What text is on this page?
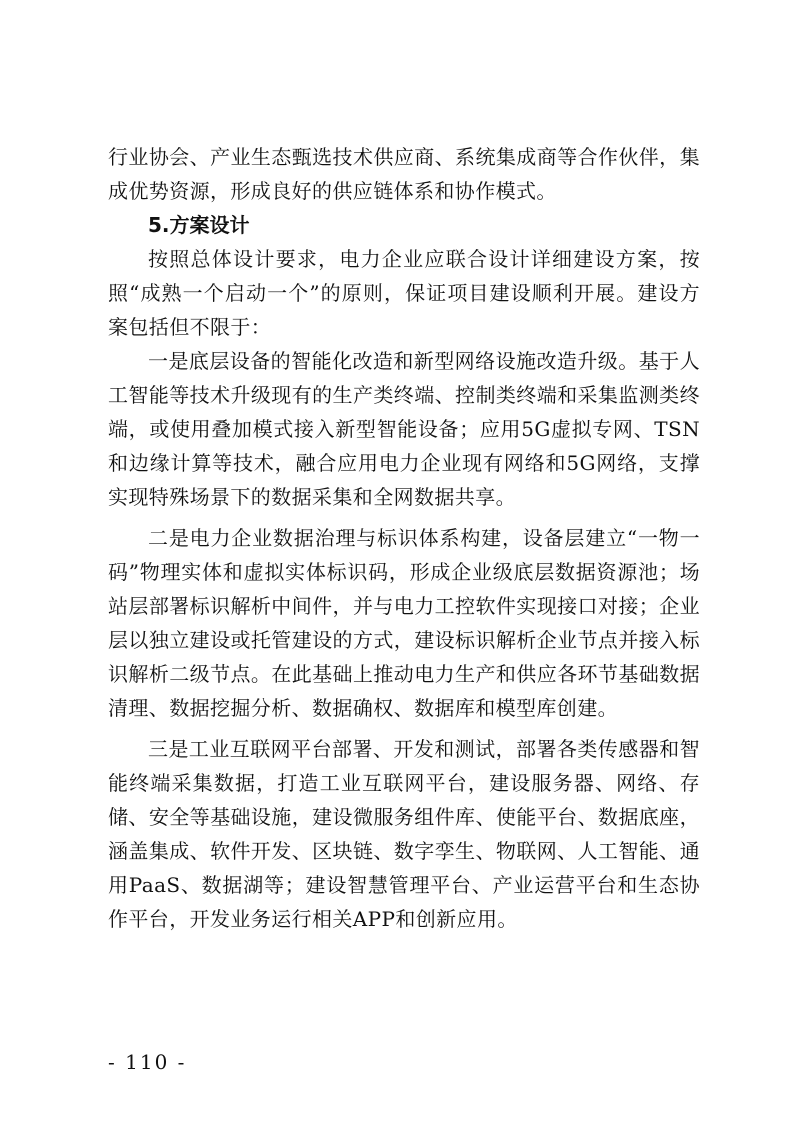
行业协会、产业生态甄选技术供应商、系统集成商等合作伙伴，集成优势资源，形成良好的供应链体系和协作模式。

5.方案设计

按照总体设计要求，电力企业应联合设计详细建设方案，按照“成熟一个启动一个”的原则，保证项目建设顺利开展。建设方案包括但不限于：

一是底层设备的智能化改造和新型网络设施改造升级。基于人工智能等技术升级现有的生产类终端、控制类终端和采集监测类终端，或使用叠加模式接入新型智能设备；应用5G虚拟专网、TSN和边缘计算等技术，融合应用电力企业现有网络和5G网络，支撑实现特殊场景下的数据采集和全网数据共享。

二是电力企业数据治理与标识体系构建，设备层建立“一物一码”物理实体和虚拟实体标识码，形成企业级底层数据资源池；场站层部署标识解析中间件，并与电力工控软件实现接口对接；企业层以独立建设或托管建设的方式，建设标识解析企业节点并接入标识解析二级节点。在此基础上推动电力生产和供应各环节基础数据清理、数据挖掘分析、数据确权、数据库和模型库创建。

三是工业互联网平台部署、开发和测试，部署各类传感器和智能终端采集数据，打造工业互联网平台，建设服务器、网络、存储、安全等基础设施，建设微服务组件库、使能平台、数据底座，涵盖集成、软件开发、区块链、数字孪生、物联网、人工智能、通用PaaS、数据湖等；建设智慧管理平台、产业运营平台和生态协作平台，开发业务运行相关APP和创新应用。

- 110 -
